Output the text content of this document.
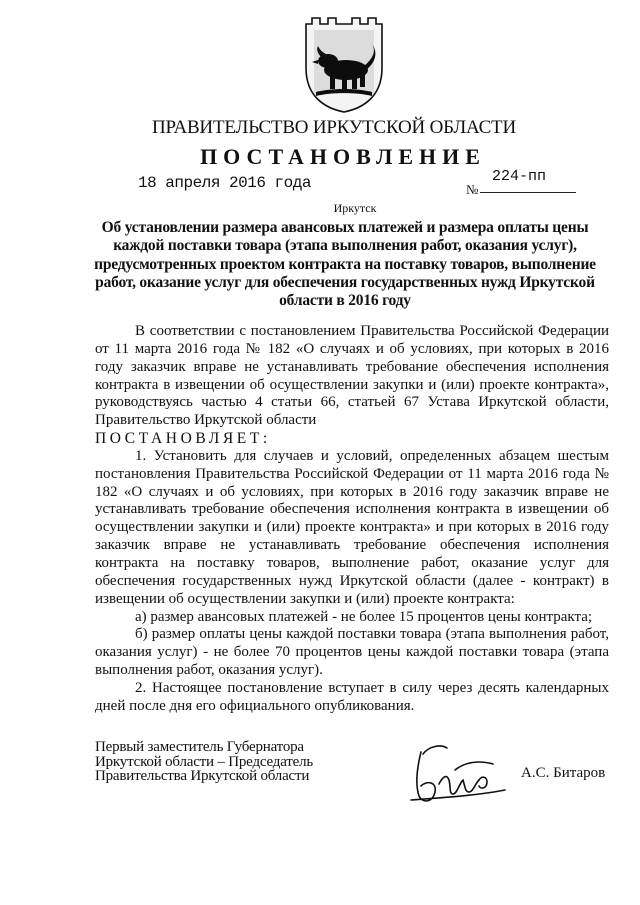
ПРАВИТЕЛЬСТВО ИРКУТСКОЙ ОБЛАСТИ
ПОСТАНОВЛЕНИЕ
18 апреля 2016 года	№
224-пп
Иркутск
Об установлении размера авансовых платежей и размера оплаты цены каждой поставки товара (этапа выполнения работ, оказания услуг), предусмотренных проектом контракта на поставку товаров, выполнение работ, оказание услуг для обеспечения государственных нужд Иркутской области в 2016 году

В соответствии с постановлением Правительства Российской Федерации от 11 марта 2016 года № 182 «О случаях и об условиях, при которых в 2016 году заказчик вправе не устанавливать требование обеспечения исполнения контракта в извещении об осуществлении закупки и (или) проекте контракта», руководствуясь частью 4 статьи 66, статьей 67 Устава Иркутской области, Правительство Иркутской области

ПОСТАНОВЛЯЕТ:

1. Установить для случаев и условий, определенных абзацем шестым постановления Правительства Российской Федерации от 11 марта 2016 года № 182 «О случаях и об условиях, при которых в 2016 году заказчик вправе не устанавливать требование обеспечения исполнения контракта в извещении об осуществлении закупки и (или) проекте контракта» и при которых в 2016 году заказчик вправе не устанавливать требование обеспечения исполнения контракта на поставку товаров, выполнение работ, оказание услуг для обеспечения государственных нужд Иркутской области (далее - контракт) в извещении об осуществлении закупки и (или) проекте контракта:

а) размер авансовых платежей - не более 15 процентов цены контракта;

б) размер оплаты цены каждой поставки товара (этапа выполнения работ, оказания услуг) - не более 70 процентов цены каждой поставки товара (этапа выполнения работ, оказания услуг).

2. Настоящее постановление вступает в силу через десять календарных дней после дня его официального опубликования.

Первый заместитель Губернатора
Иркутской области – Председатель
Правительства Иркутской области	А.С. Битаров
